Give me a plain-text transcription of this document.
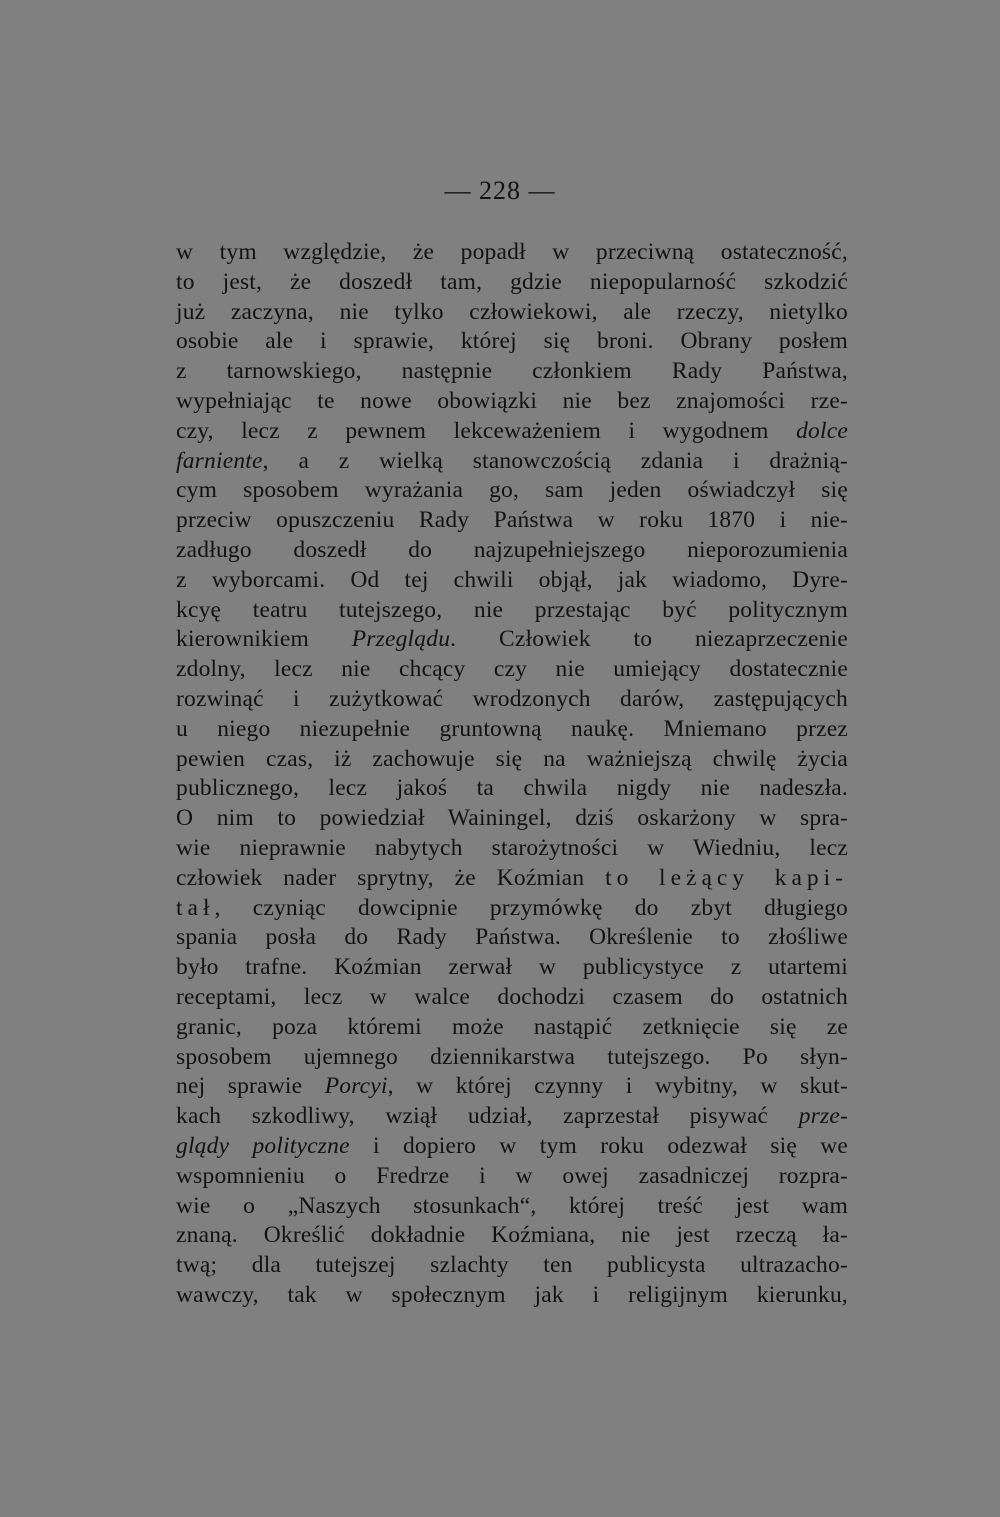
— 228 —
w tym względzie, że popadł w przeciwną ostateczność,
to jest, że doszedł tam, gdzie niepopularność szkodzić
już zaczyna, nie tylko człowiekowi, ale rzeczy, nietylko
osobie ale i sprawie, której się broni. Obrany posłem
z tarnowskiego, następnie członkiem Rady Państwa,
wypełniając te nowe obowiązki nie bez znajomości rze-
czy, lecz z pewnem lekceważeniem i wygodnem dolce
farniente, a z wielką stanowczością zdania i drażnią-
cym sposobem wyrażania go, sam jeden oświadczył się
przeciw opuszczeniu Rady Państwa w roku 1870 i nie-
zadługo doszedł do najzupełniejszego nieporozumienia
z wyborcami. Od tej chwili objął, jak wiadomo, Dyre-
kcyę teatru tutejszego, nie przestając być politycznym
kierownikiem Przeglądu. Człowiek to niezaprzeczenie
zdolny, lecz nie chcący czy nie umiejący dostatecznie
rozwinąć i zużytkować wrodzonych darów, zastępujących
u niego niezupełnie gruntowną naukę. Mniemano przez
pewien czas, iż zachowuje się na ważniejszą chwilę życia
publicznego, lecz jakoś ta chwila nigdy nie nadeszła.
O nim to powiedział Wainingel, dziś oskarżony w spra-
wie nieprawnie nabytych starożytności w Wiedniu, lecz
człowiek nader sprytny, że Koźmian to leżący kapi-
tał, czyniąc dowcipnie przymówkę do zbyt długiego
spania posła do Rady Państwa. Określenie to złośliwe
było trafne. Koźmian zerwał w publicystyce z utartemi
receptami, lecz w walce dochodzi czasem do ostatnich
granic, poza któremi może nastąpić zetknięcie się ze
sposobem ujemnego dziennikarstwa tutejszego. Po słyn-
nej sprawie Porcyi, w której czynny i wybitny, w skut-
kach szkodliwy, wziął udział, zaprzestał pisywać prze-
glądy polityczne i dopiero w tym roku odezwał się we
wspomnieniu o Fredrze i w owej zasadniczej rozpra-
wie o „Naszych stosunkach“, której treść jest wam
znaną. Określić dokładnie Koźmiana, nie jest rzeczą ła-
twą; dla tutejszej szlachty ten publicysta ultrazacho-
wawczy, tak w społecznym jak i religijnym kierunku,
